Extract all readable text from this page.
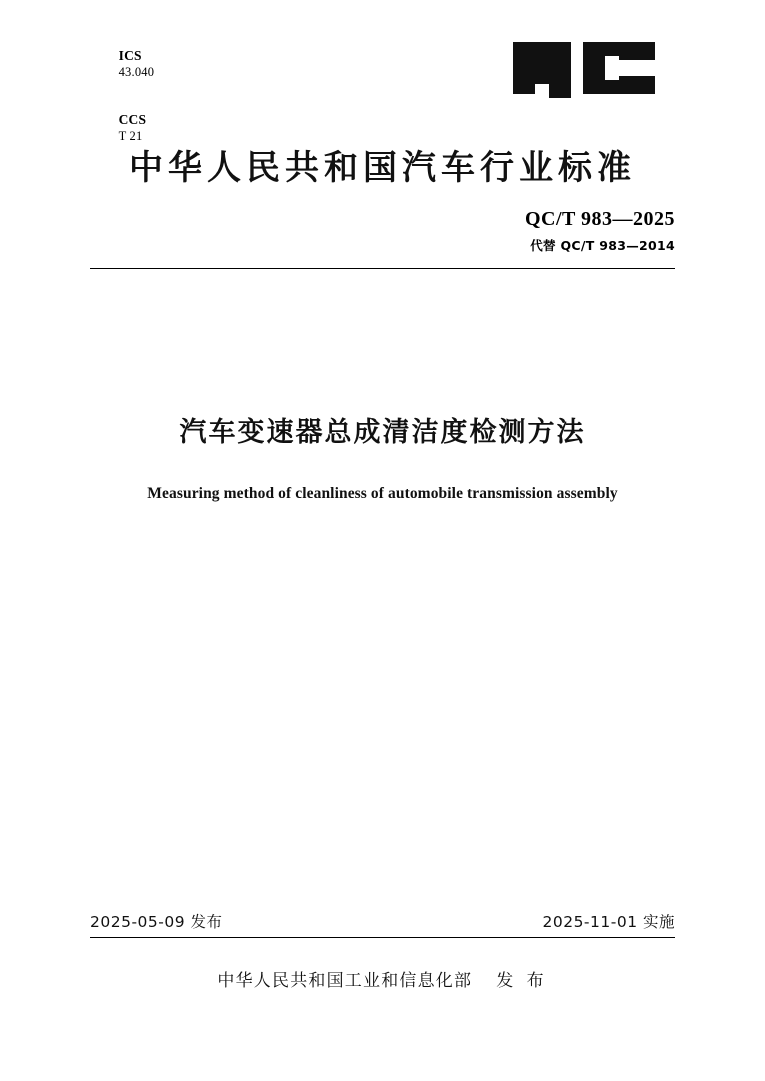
ICS
43.040

CCS
T 21

中华人民共和国汽车行业标准
QC/T 983—2025
代替 QC/T 983—2014
汽车变速器总成清洁度检测方法
Measuring method of cleanliness of automobile transmission assembly
2025-05-09 发布	2025-11-01 实施
中华人民共和国工业和信息化部 发 布
